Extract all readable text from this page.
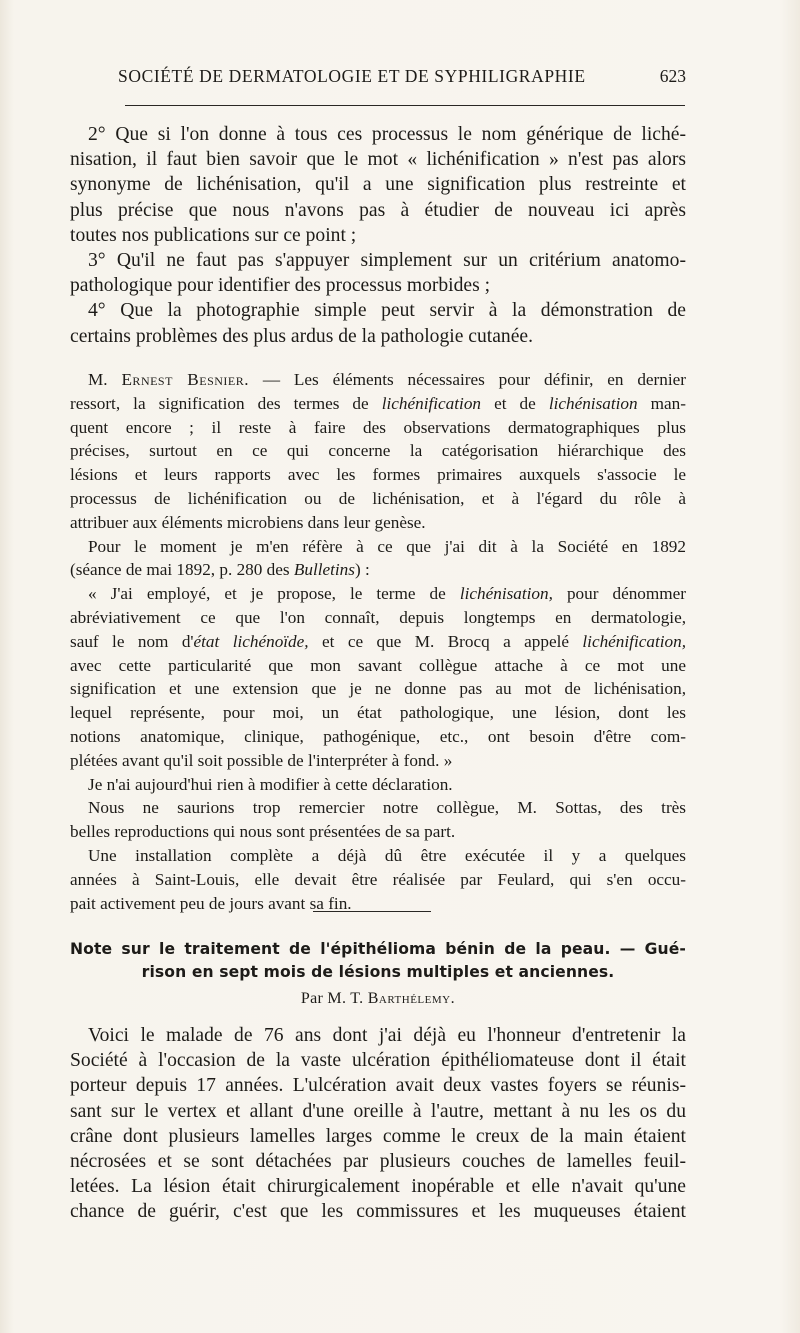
SOCIÉTÉ DE DERMATOLOGIE ET DE SYPHILIGRAPHIE	623

2° Que si l'on donne à tous ces processus le nom générique de liché-

nisation, il faut bien savoir que le mot « lichénification » n'est pas alors

synonyme de lichénisation, qu'il a une signification plus restreinte et

plus précise que nous n'avons pas à étudier de nouveau ici après

toutes nos publications sur ce point ;

3° Qu'il ne faut pas s'appuyer simplement sur un critérium anatomo-

pathologique pour identifier des processus morbides ;

4° Que la photographie simple peut servir à la démonstration de

certains problèmes des plus ardus de la pathologie cutanée.

M. Ernest Besnier. — Les éléments nécessaires pour définir, en dernier

ressort, la signification des termes de lichénification et de lichénisation man-

quent encore ; il reste à faire des observations dermatographiques plus

précises, surtout en ce qui concerne la catégorisation hiérarchique des

lésions et leurs rapports avec les formes primaires auxquels s'associe le

processus de lichénification ou de lichénisation, et à l'égard du rôle à

attribuer aux éléments microbiens dans leur genèse.

Pour le moment je m'en réfère à ce que j'ai dit à la Société en 1892

(séance de mai 1892, p. 280 des Bulletins) :

« J'ai employé, et je propose, le terme de lichénisation, pour dénommer

abréviativement ce que l'on connaît, depuis longtemps en dermatologie,

sauf le nom d'état lichénoïde, et ce que M. Brocq a appelé lichénification,

avec cette particularité que mon savant collègue attache à ce mot une

signification et une extension que je ne donne pas au mot de lichénisation,

lequel représente, pour moi, un état pathologique, une lésion, dont les

notions anatomique, clinique, pathogénique, etc., ont besoin d'être com-

plétées avant qu'il soit possible de l'interpréter à fond. »

Je n'ai aujourd'hui rien à modifier à cette déclaration.

Nous ne saurions trop remercier notre collègue, M. Sottas, des très

belles reproductions qui nous sont présentées de sa part.

Une installation complète a déjà dû être exécutée il y a quelques

années à Saint-Louis, elle devait être réalisée par Feulard, qui s'en occu-

pait activement peu de jours avant sa fin.

Note sur le traitement de l'épithélioma bénin de la peau. — Gué-
rison en sept mois de lésions multiples et anciennes.
Par M. T. Barthélemy.

Voici le malade de 76 ans dont j'ai déjà eu l'honneur d'entretenir la

Société à l'occasion de la vaste ulcération épithéliomateuse dont il était

porteur depuis 17 années. L'ulcération avait deux vastes foyers se réunis-

sant sur le vertex et allant d'une oreille à l'autre, mettant à nu les os du

crâne dont plusieurs lamelles larges comme le creux de la main étaient

nécrosées et se sont détachées par plusieurs couches de lamelles feuil-

letées. La lésion était chirurgicalement inopérable et elle n'avait qu'une

chance de guérir, c'est que les commissures et les muqueuses étaient
